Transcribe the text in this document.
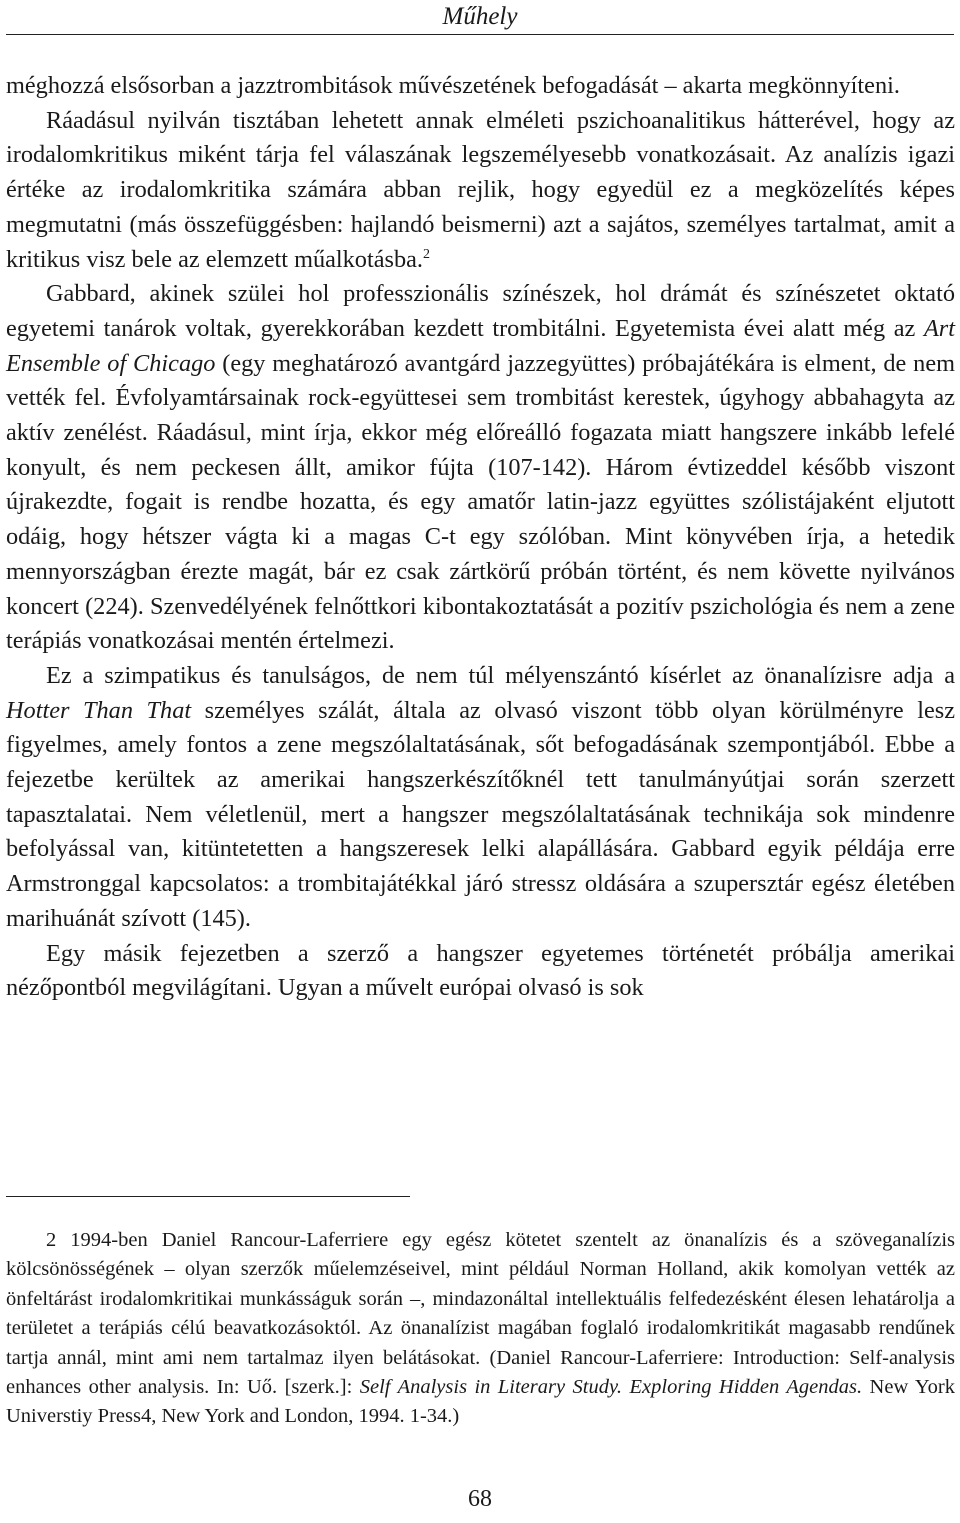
Műhely

méghozzá elsősorban a jazztrombitások művészetének befogadását – akarta megkönnyíteni.

Ráadásul nyilván tisztában lehetett annak elméleti pszichoanalitikus hátterével, hogy az irodalomkritikus miként tárja fel válaszának legszemélyesebb vonatkozásait. Az analízis igazi értéke az irodalomkritika számára abban rejlik, hogy egyedül ez a megközelítés képes megmutatni (más összefüggésben: hajlandó beismerni) azt a sajátos, személyes tartalmat, amit a kritikus visz bele az elemzett műalkotásba.$^2$

Gabbard, akinek szülei hol professzionális színészek, hol drámát és színészetet oktató egyetemi tanárok voltak, gyerekkorában kezdett trombitálni. Egyetemista évei alatt még az Art Ensemble of Chicago (egy meghatározó avantgárd jazzegyüttes) próbajátékára is elment, de nem vették fel. Évfolyamtársainak rock-együttesei sem trombitást kerestek, úgyhogy abbahagyta az aktív zenélést. Ráadásul, mint írja, ekkor még előreálló fogazata miatt hangszere inkább lefelé konyult, és nem peckesen állt, amikor fújta (107-142). Három évtizeddel később viszont újrakezdte, fogait is rendbe hozatta, és egy amatőr latin-jazz együttes szólistájaként eljutott odáig, hogy hétszer vágta ki a magas C-t egy szólóban. Mint könyvében írja, a hetedik mennyországban érezte magát, bár ez csak zártkörű próbán történt, és nem követte nyilvános koncert (224). Szenvedélyének felnőttkori kibontakoztatását a pozitív pszichológia és nem a zene terápiás vonatkozásai mentén értelmezi.

Ez a szimpatikus és tanulságos, de nem túl mélyenszántó kísérlet az önanalízisre adja a Hotter Than That személyes szálát, általa az olvasó viszont több olyan körülményre lesz figyelmes, amely fontos a zene megszólaltatásának, sőt befogadásának szempontjából. Ebbe a fejezetbe kerültek az amerikai hangszerkészítőknél tett tanulmányútjai során szerzett tapasztalatai. Nem véletlenül, mert a hangszer megszólaltatásának technikája sok mindenre befolyással van, kitüntetetten a hangszeresek lelki alapállására. Gabbard egyik példája erre Armstronggal kapcsolatos: a trombitajátékkal járó stressz oldására a szupersztár egész életében marihuánát szívott (145).

Egy másik fejezetben a szerző a hangszer egyetemes történetét próbálja amerikai nézőpontból megvilágítani. Ugyan a művelt európai olvasó is sok

2 1994-ben Daniel Rancour-Laferriere egy egész kötetet szentelt az önanalízis és a szöveganalízis kölcsönösségének – olyan szerzők műelemzéseivel, mint például Norman Holland, akik komolyan vették az önfeltárást irodalomkritikai munkásságuk során –, mindazonáltal intellektuális felfedezésként élesen lehatárolja a területet a terápiás célú beavatkozásoktól. Az önanalízist magában foglaló irodalomkritikát magasabb rendűnek tartja annál, mint ami nem tartalmaz ilyen belátásokat. (Daniel Rancour-Laferriere: Introduction: Self-analysis enhances other analysis. In: Uő. [szerk.]: Self Analysis in Literary Study. Exploring Hidden Agendas. New York Universtiy Press4, New York and London, 1994. 1-34.)

68
